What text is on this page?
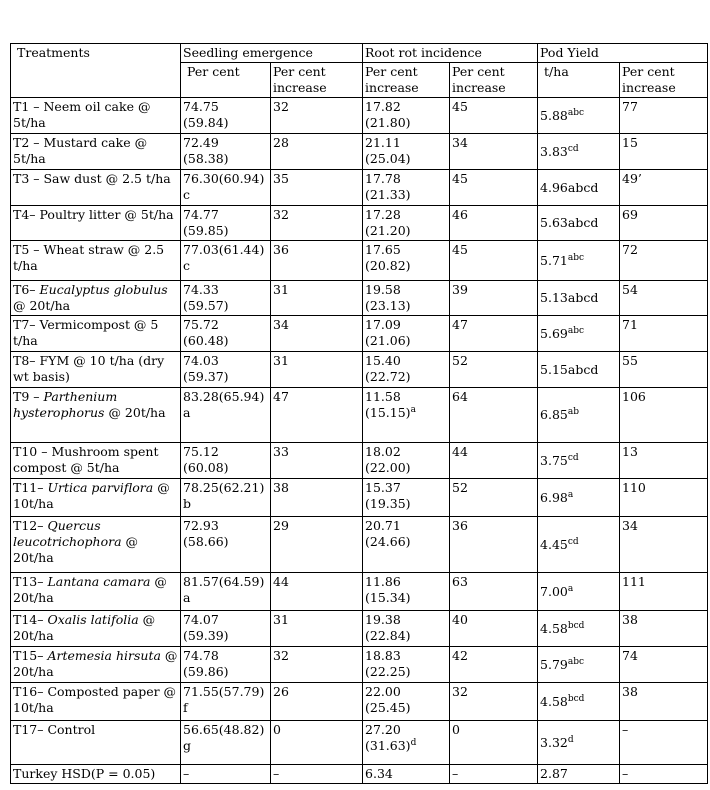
Treatments	Seedling emergence		Root rot incidence		Pod Yield	
	Per cent	Per cent increase	Per cent increase	Per cent increase	t/ha	Per cent increase
T1 – Neem oil cake @ 5t/ha	74.75 (59.84)	32	17.82 (21.80)	45	5.88$^{abc}$	77
T2 – Mustard cake @ 5t/ha	72.49 (58.38)	28	21.11 (25.04)	34	3.83$^{cd}$	15
T3 – Saw dust @ 2.5 t/ha	76.30(60.94) c	35	17.78 (21.33)	45	4.96abcd	49’
T4– Poultry litter @ 5t/ha	74.77 (59.85)	32	17.28 (21.20)	46	5.63abcd	69
T5 – Wheat straw @ 2.5 t/ha	77.03(61.44) c	36	17.65 (20.82)	45	5.71$^{abc}$	72
T6– Eucalyptus globulus @ 20t/ha	74.33 (59.57)	31	19.58 (23.13)	39	5.13abcd	54
T7– Vermicompost @ 5 t/ha	75.72 (60.48)	34	17.09 (21.06)	47	5.69$^{abc}$	71
T8– FYM @ 10 t/ha (dry wt basis)	74.03 (59.37)	31	15.40 (22.72)	52	5.15abcd	55
T9 – Parthenium hysterophorus @ 20t/ha	83.28(65.94) a	47	11.58 $(15.15)^a$	64	6.85$^{ab}$	106
T10 – Mushroom spent compost @ 5t/ha	75.12 (60.08)	33	18.02 (22.00)	44	3.75$^{cd}$	13
T11– Urtica parviflora @ 10t/ha	78.25(62.21) b	38	15.37 (19.35)	52	6.98$^a$	110
T12– Quercus leucotrichophora @ 20t/ha	72.93 (58.66)	29	20.71 (24.66)	36	4.45$^{cd}$	34
T13– Lantana camara @ 20t/ha	81.57(64.59) a	44	11.86 (15.34)	63	7.00$^a$	111
T14– Oxalis latifolia @ 20t/ha	74.07 (59.39)	31	19.38 (22.84)	40	4.58$^{bcd}$	38
T15– Artemesia hirsuta @ 20t/ha	74.78 (59.86)	32	18.83 (22.25)	42	5.79$^{abc}$	74
T16– Composted paper @ 10t/ha	71.55(57.79) f	26	22.00 (25.45)	32	4.58$^{bcd}$	38
T17– Control	56.65(48.82) g	0	27.20 $(31.63)^d$	0	3.32$^d$	–
Turkey HSD(P = 0.05)	–	–	6.34	–	2.87	–
